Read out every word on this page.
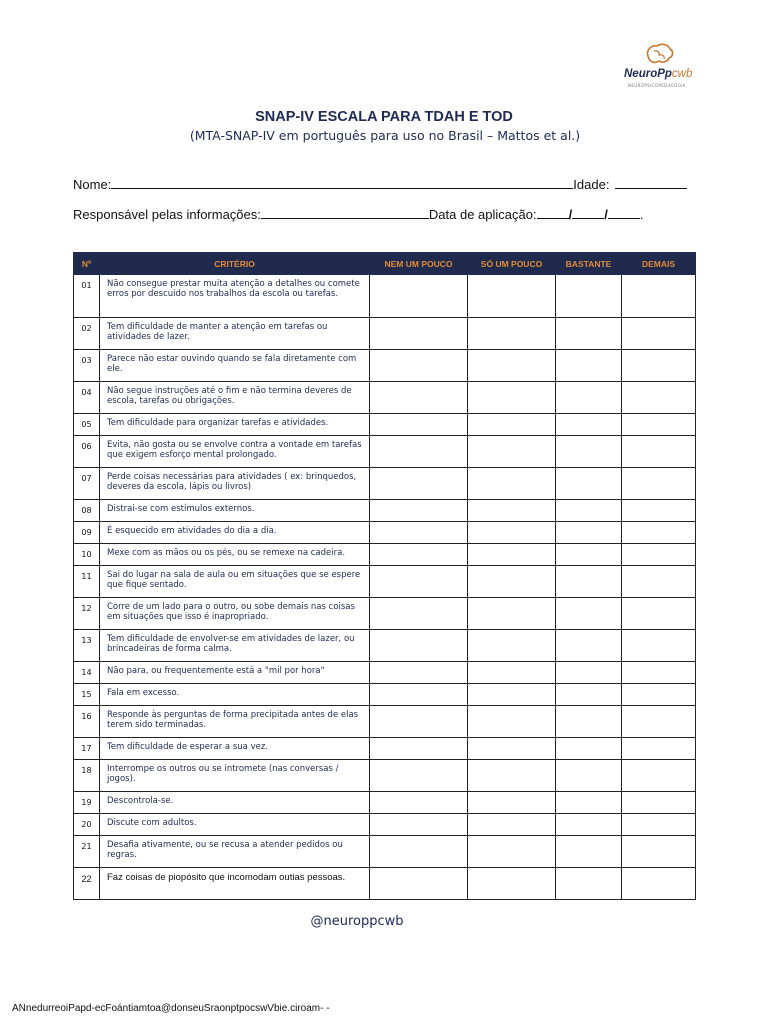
NeuroPpcwb
NEUROPSICOPEDAGOGIA
SNAP-IV ESCALA PARA TDAH E TOD
(MTA-SNAP-IV em português para uso no Brasil – Mattos et al.)
Nome:	Idade:
Responsável pelas informações:	Data de aplicação: / / .
Nº	CRITÉRIO	NEM UM POUCO	SÓ UM POUCO	BASTANTE	DEMAIS
01	Não consegue prestar muita atenção a detalhes ou comete erros por descuido nos trabalhos da escola ou tarefas.				
02	Tem dificuldade de manter a atenção em tarefas ou atividades de lazer.				
03	Parece não estar ouvindo quando se fala diretamente com ele.				
04	Não segue instruções até o fim e não termina deveres de escola, tarefas ou obrigações.				
05	Tem dificuldade para organizar tarefas e atividades.				
06	Evita, não gosta ou se envolve contra a vontade em tarefas que exigem esforço mental prolongado.				
07	Perde coisas necessárias para atividades ( ex: brinquedos, deveres da escola, lápis ou livros)				
08	Distrai-se com estímulos externos.				
09	É esquecido em atividades do dia a dia.				
10	Mexe com as mãos ou os pés, ou se remexe na cadeira.				
11	Sai do lugar na sala de aula ou em situações que se espere que fique sentado.				
12	Corre de um lado para o outro, ou sobe demais nas coisas em situações que isso é inapropriado.				
13	Tem dificuldade de envolver-se em atividades de lazer, ou brincadeiras de forma calma.				
14	Não para, ou frequentemente está a "mil por hora"				
15	Fala em excesso.				
16	Responde às perguntas de forma precipitada antes de elas terem sido terminadas.				
17	Tem dificuldade de esperar a sua vez.				
18	Interrompe os outros ou se intromete (nas conversas / jogos).				
19	Descontrola-se.				
20	Discute com adultos.				
21	Desafia ativamente, ou se recusa a atender pedidos ou regras.				
22	Faz coisas de piopósito que incomodam outias pessoas.				
@neuroppcwb
ANnedurreoiPapd-ecFoántiamtoa@donseuSraonptpocswVbie.ciroam- -
